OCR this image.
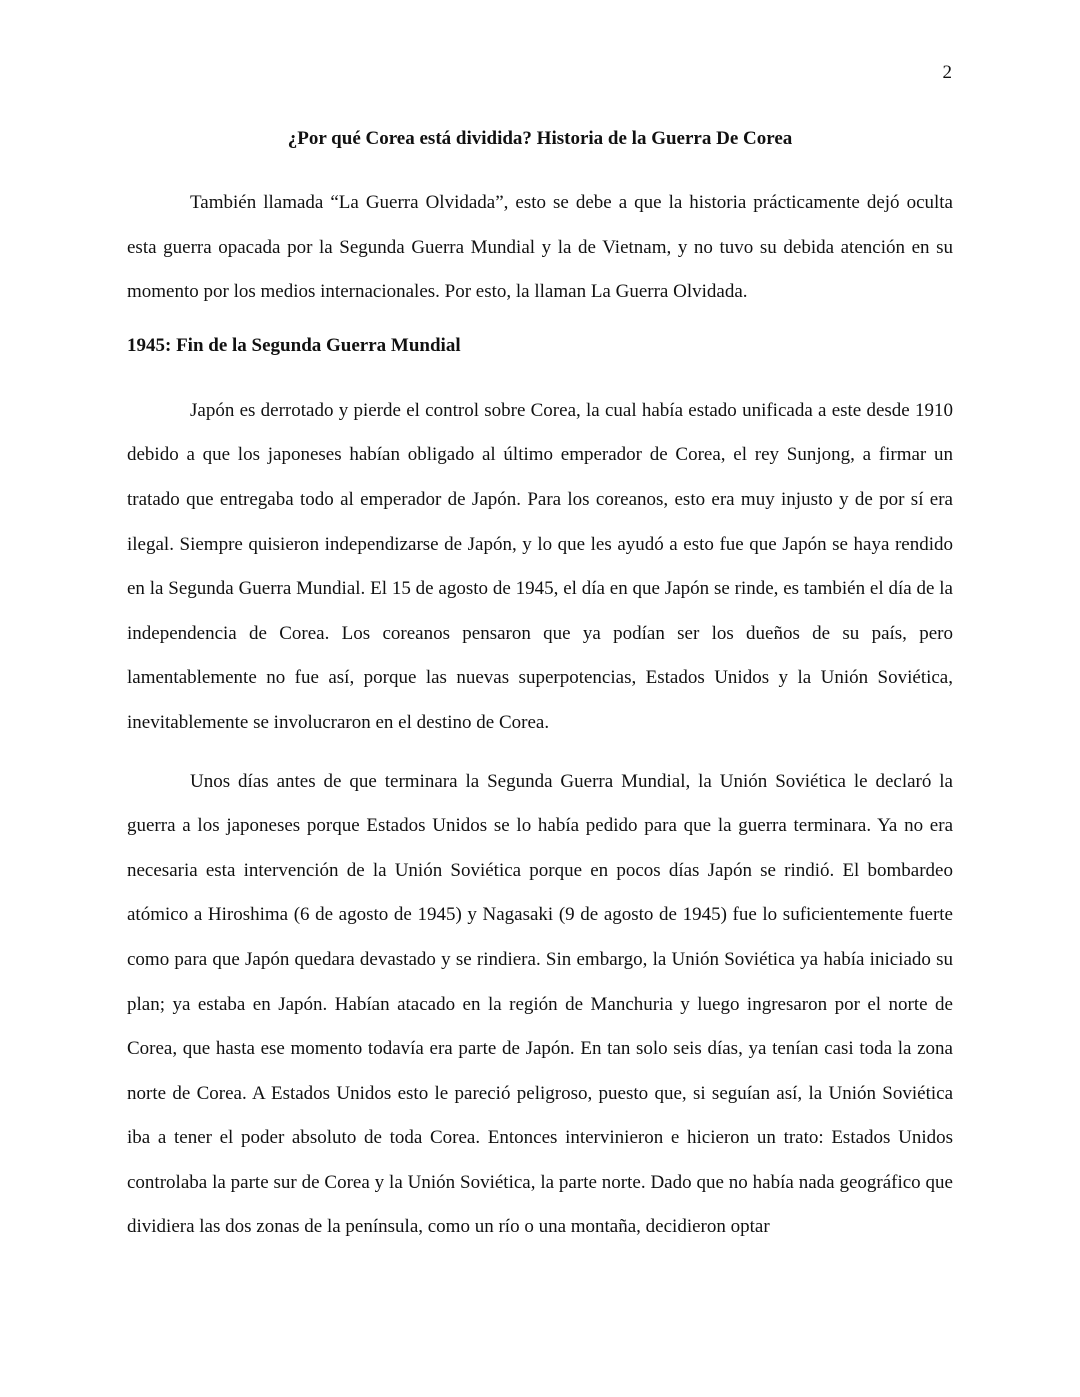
2
¿Por qué Corea está dividida? Historia de la Guerra De Corea

También llamada “La Guerra Olvidada”, esto se debe a que la historia prácticamente dejó oculta esta guerra opacada por la Segunda Guerra Mundial y la de Vietnam, y no tuvo su debida atención en su momento por los medios internacionales. Por esto, la llaman La Guerra Olvidada.

1945: Fin de la Segunda Guerra Mundial

Japón es derrotado y pierde el control sobre Corea, la cual había estado unificada a este desde 1910 debido a que los japoneses habían obligado al último emperador de Corea, el rey Sunjong, a firmar un tratado que entregaba todo al emperador de Japón. Para los coreanos, esto era muy injusto y de por sí era ilegal. Siempre quisieron independizarse de Japón, y lo que les ayudó a esto fue que Japón se haya rendido en la Segunda Guerra Mundial. El 15 de agosto de 1945, el día en que Japón se rinde, es también el día de la independencia de Corea. Los coreanos pensaron que ya podían ser los dueños de su país, pero lamentablemente no fue así, porque las nuevas superpotencias, Estados Unidos y la Unión Soviética, inevitablemente se involucraron en el destino de Corea.

Unos días antes de que terminara la Segunda Guerra Mundial, la Unión Soviética le declaró la guerra a los japoneses porque Estados Unidos se lo había pedido para que la guerra terminara. Ya no era necesaria esta intervención de la Unión Soviética porque en pocos días Japón se rindió. El bombardeo atómico a Hiroshima (6 de agosto de 1945) y Nagasaki (9 de agosto de 1945) fue lo suficientemente fuerte como para que Japón quedara devastado y se rindiera. Sin embargo, la Unión Soviética ya había iniciado su plan; ya estaba en Japón. Habían atacado en la región de Manchuria y luego ingresaron por el norte de Corea, que hasta ese momento todavía era parte de Japón. En tan solo seis días, ya tenían casi toda la zona norte de Corea. A Estados Unidos esto le pareció peligroso, puesto que, si seguían así, la Unión Soviética iba a tener el poder absoluto de toda Corea. Entonces intervinieron e hicieron un trato: Estados Unidos controlaba la parte sur de Corea y la Unión Soviética, la parte norte. Dado que no había nada geográfico que dividiera las dos zonas de la península, como un río o una montaña, decidieron optar
